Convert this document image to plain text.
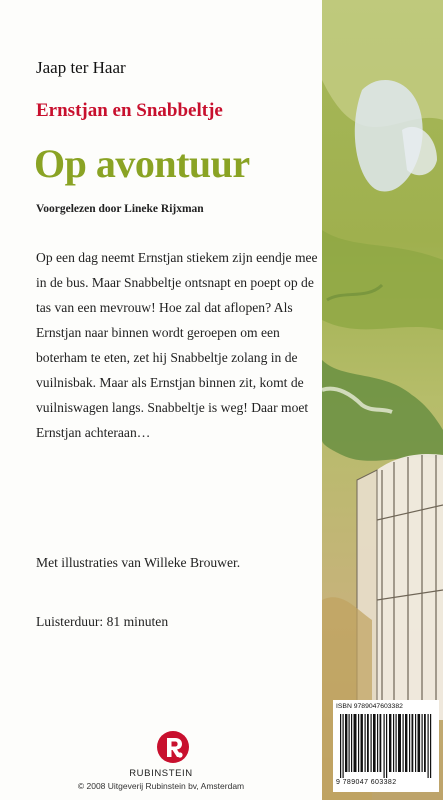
Jaap ter Haar
Ernstjan en Snabbeltje
Op avontuur
Voorgelezen door Lineke Rijxman

Op een dag neemt Ernstjan stiekem zijn eendje mee in de bus. Maar Snabbeltje ontsnapt en poept op de tas van een mevrouw! Hoe zal dat aflopen? Als Ernstjan naar binnen wordt geroepen om een boterham te eten, zet hij Snabbeltje zolang in de vuilnisbak. Maar als Ernstjan binnen zit, komt de vuilniswagen langs. Snabbeltje is weg! Daar moet Ernstjan achteraan…

Met illustraties van Willeke Brouwer.
Luisterduur: 81 minuten
RUBINSTEIN
© 2008 Uitgeverij Rubinstein bv, Amsterdam
ISBN 9789047603382
9 789047 603382
